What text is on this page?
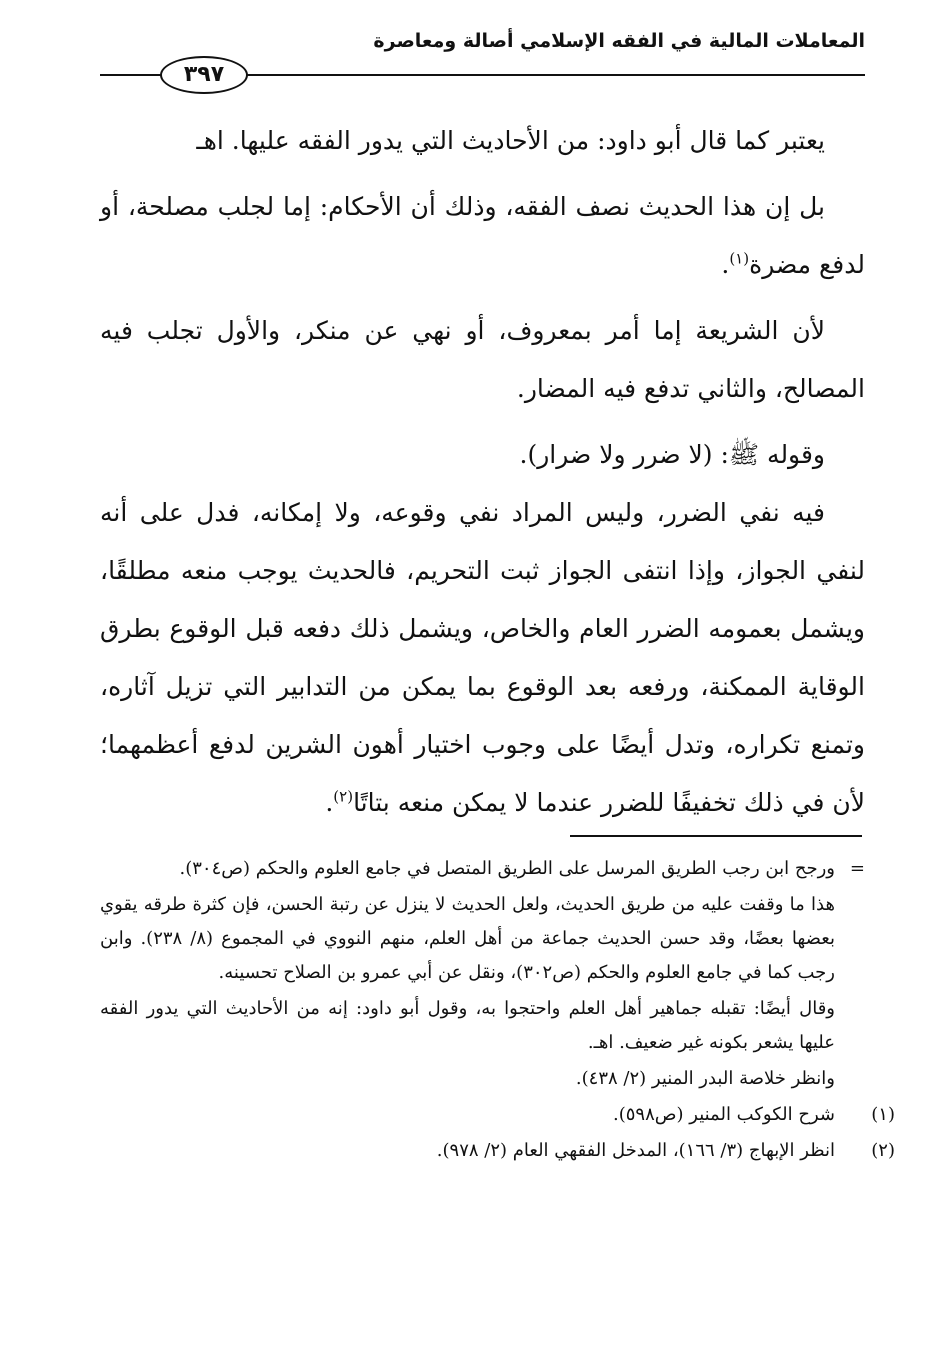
المعاملات المالية في الفقه الإسلامي أصالة ومعاصرة
٣٩٧

يعتبر كما قال أبو داود: من الأحاديث التي يدور الفقه عليها. اهـ

بل إن هذا الحديث نصف الفقه، وذلك أن الأحكام: إما لجلب مصلحة، أو لدفع مضرة$^{(١)}$.

لأن الشريعة إما أمر بمعروف، أو نهي عن منكر، والأول تجلب فيه المصالح، والثاني تدفع فيه المضار.

وقوله ﷺ: (لا ضرر ولا ضرار).

فيه نفي الضرر، وليس المراد نفي وقوعه، ولا إمكانه، فدل على أنه لنفي الجواز، وإذا انتفى الجواز ثبت التحريم، فالحديث يوجب منعه مطلقًا، ويشمل بعمومه الضرر العام والخاص، ويشمل ذلك دفعه قبل الوقوع بطرق الوقاية الممكنة، ورفعه بعد الوقوع بما يمكن من التدابير التي تزيل آثاره، وتمنع تكراره، وتدل أيضًا على وجوب اختيار أهون الشرين لدفع أعظمهما؛ لأن في ذلك تخفيفًا للضرر عندما لا يمكن منعه بتاتًا$^{(٢)}$.

=ورجح ابن رجب الطريق المرسل على الطريق المتصل في جامع العلوم والحكم (ص٣٠٤).

هذا ما وقفت عليه من طريق الحديث، ولعل الحديث لا ينزل عن رتبة الحسن، فإن كثرة طرقه يقوي بعضها بعضًا، وقد حسن الحديث جماعة من أهل العلم، منهم النووي في المجموع (٨/ ٢٣٨). وابن رجب كما في جامع العلوم والحكم (ص٣٠٢)، ونقل عن أبي عمرو بن الصلاح تحسينه.

وقال أيضًا: تقبله جماهير أهل العلم واحتجوا به، وقول أبو داود: إنه من الأحاديث التي يدور الفقه عليها يشعر بكونه غير ضعيف. اهـ.

وانظر خلاصة البدر المنير (٢/ ٤٣٨).

(١)شرح الكوكب المنير (ص٥٩٨).

(٢)انظر الإبهاج (٣/ ١٦٦)، المدخل الفقهي العام (٢/ ٩٧٨).
